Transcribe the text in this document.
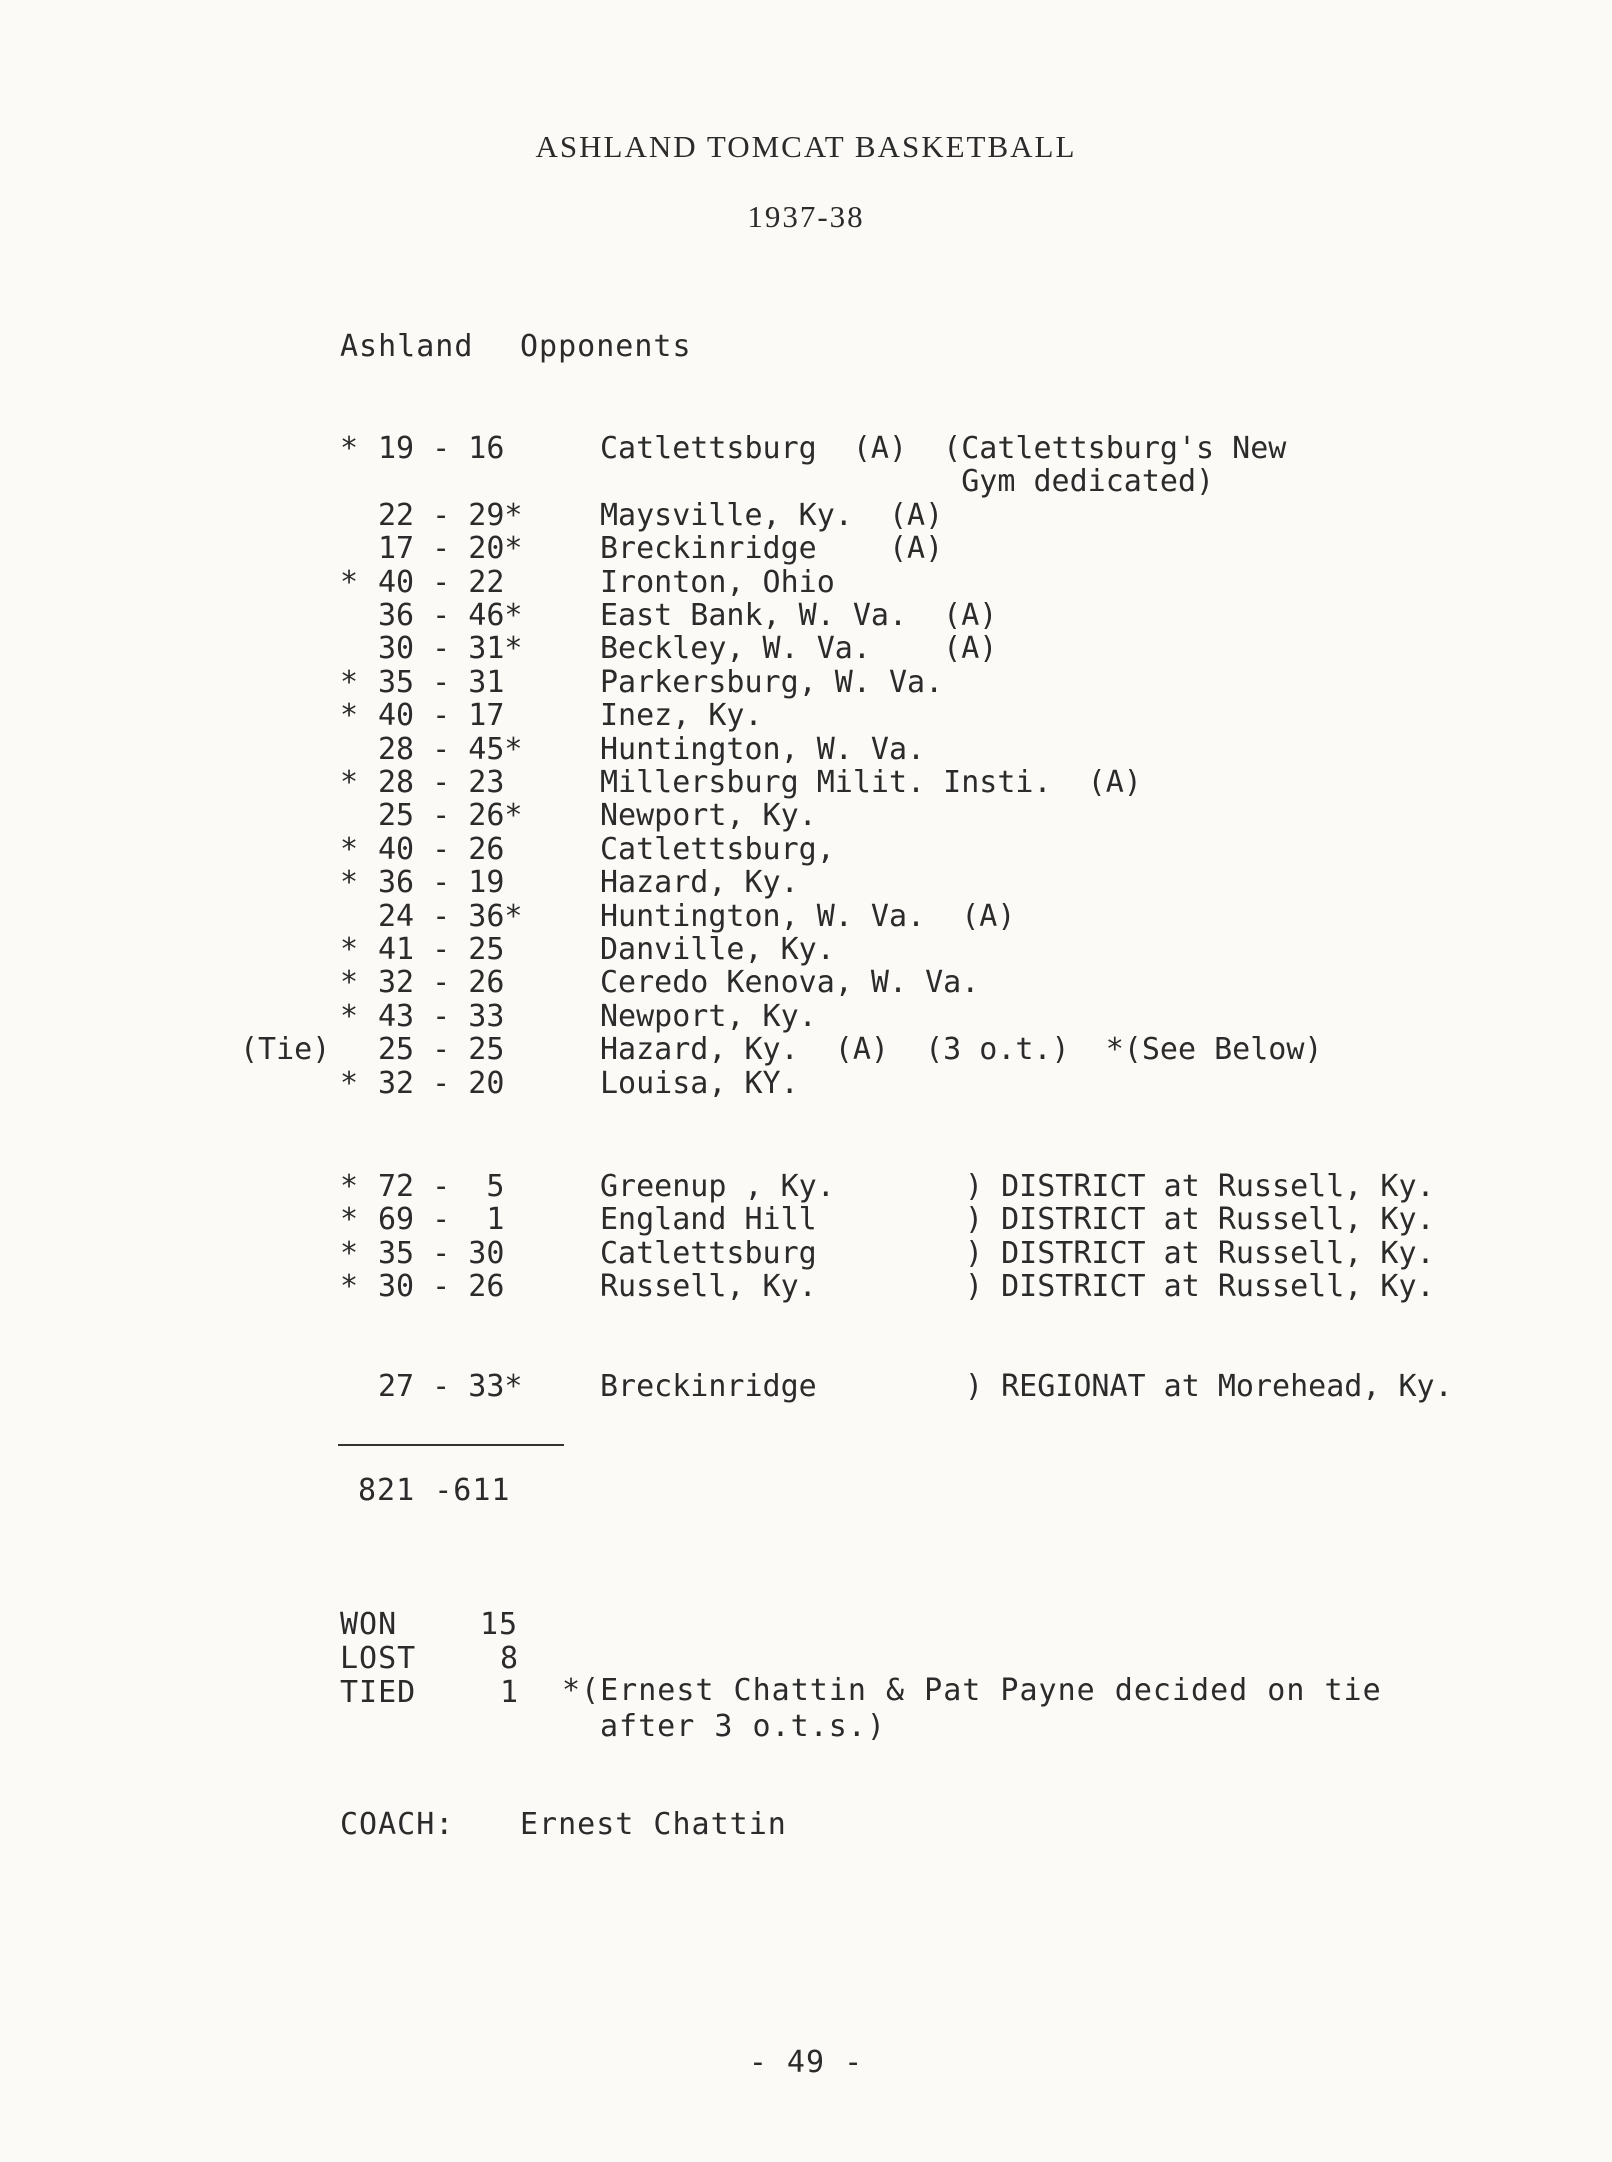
ASHLAND TOMCAT BASKETBALL
1937-38
Ashland Opponents
* 19 - 16	Catlettsburg  (A)  (Catlettsburg's New
Gym dedicated)
22 - 29*	Maysville, Ky.  (A)
17 - 20*	Breckinridge    (A)
* 40 - 22	Ironton, Ohio
36 - 46*	East Bank, W. Va.  (A)
30 - 31*	Beckley, W. Va.    (A)
* 35 - 31	Parkersburg, W. Va.
* 40 - 17	Inez, Ky.
28 - 45*	Huntington, W. Va.
* 28 - 23	Millersburg Milit. Insti.  (A)
25 - 26*	Newport, Ky.
* 40 - 26	Catlettsburg,
* 36 - 19	Hazard, Ky.
24 - 36*	Huntington, W. Va.  (A)
* 41 - 25	Danville, Ky.
* 32 - 26	Ceredo Kenova, W. Va.
* 43 - 33	Newport, Ky.
(Tie) 25 - 25	Hazard, Ky.  (A)  (3 o.t.)  *(See Below)
* 32 - 20	Louisa, KY.
* 72 -  5	Greenup , Ky.	) DISTRICT at Russell, Ky.
* 69 -  1	England Hill	) DISTRICT at Russell, Ky.
* 35 - 30	Catlettsburg	) DISTRICT at Russell, Ky.
* 30 - 26	Russell, Ky.	) DISTRICT at Russell, Ky.
27 - 33*	Breckinridge	) REGIONAT at Morehead, Ky.
821 -611
WON	15
LOST	8
TIED	1 *(Ernest Chattin & Pat Payne decided on tie
after 3 o.t.s.)
COACH: Ernest Chattin
- 49 -
